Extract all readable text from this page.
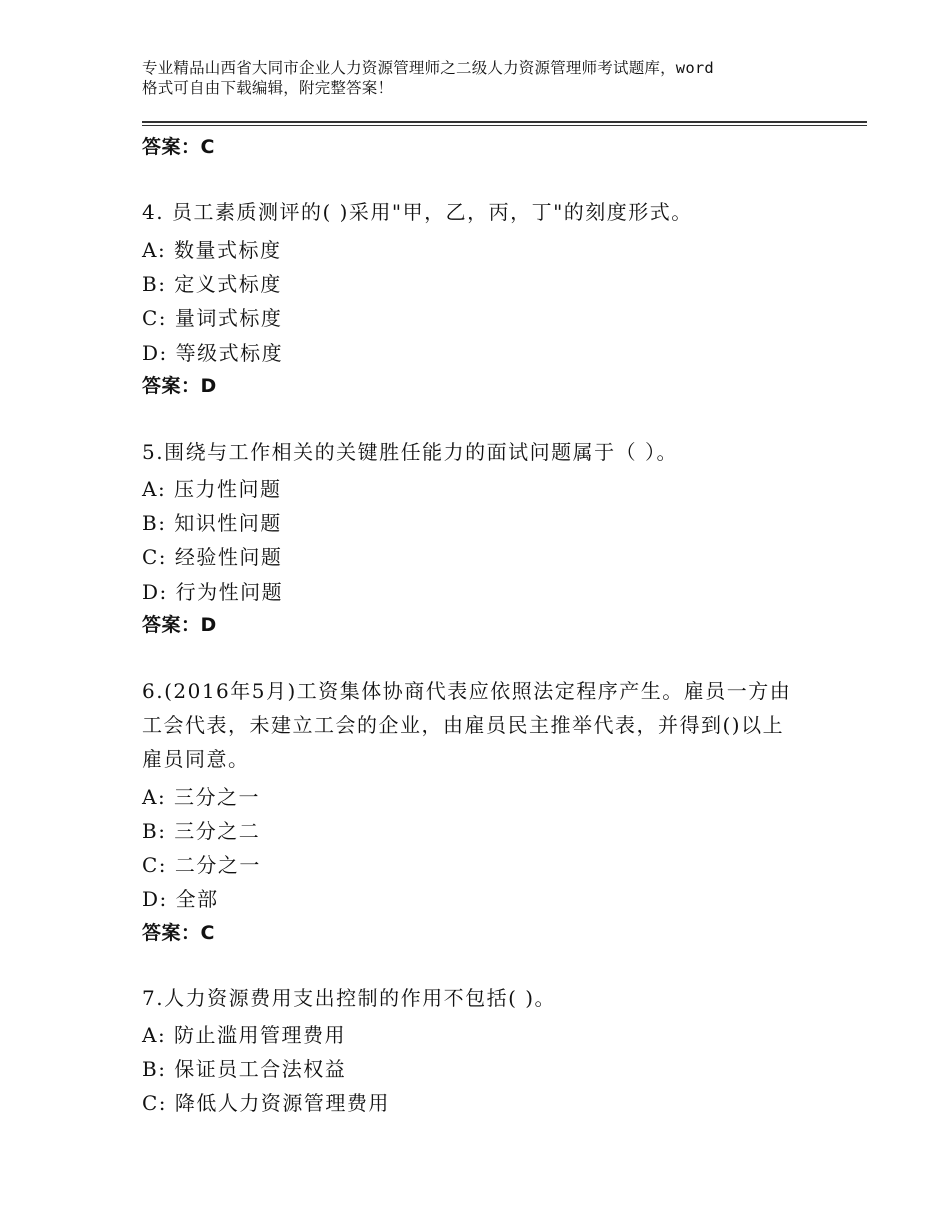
专业精品山西省大同市企业人力资源管理师之二级人力资源管理师考试题库，word
格式可自由下载编辑，附完整答案！
答案：C
4. 员工素质测评的( )采用"甲，乙，丙，丁"的刻度形式。
A: 数量式标度
B: 定义式标度
C: 量词式标度
D: 等级式标度
答案：D
5.围绕与工作相关的关键胜任能力的面试问题属于（ ）。
A: 压力性问题
B: 知识性问题
C: 经验性问题
D: 行为性问题
答案：D
6.(2016年5月)工资集体协商代表应依照法定程序产生。雇员一方由
工会代表，未建立工会的企业，由雇员民主推举代表，并得到()以上
雇员同意。
A: 三分之一
B: 三分之二
C: 二分之一
D: 全部
答案：C
7.人力资源费用支出控制的作用不包括( )。
A: 防止滥用管理费用
B: 保证员工合法权益
C: 降低人力资源管理费用
